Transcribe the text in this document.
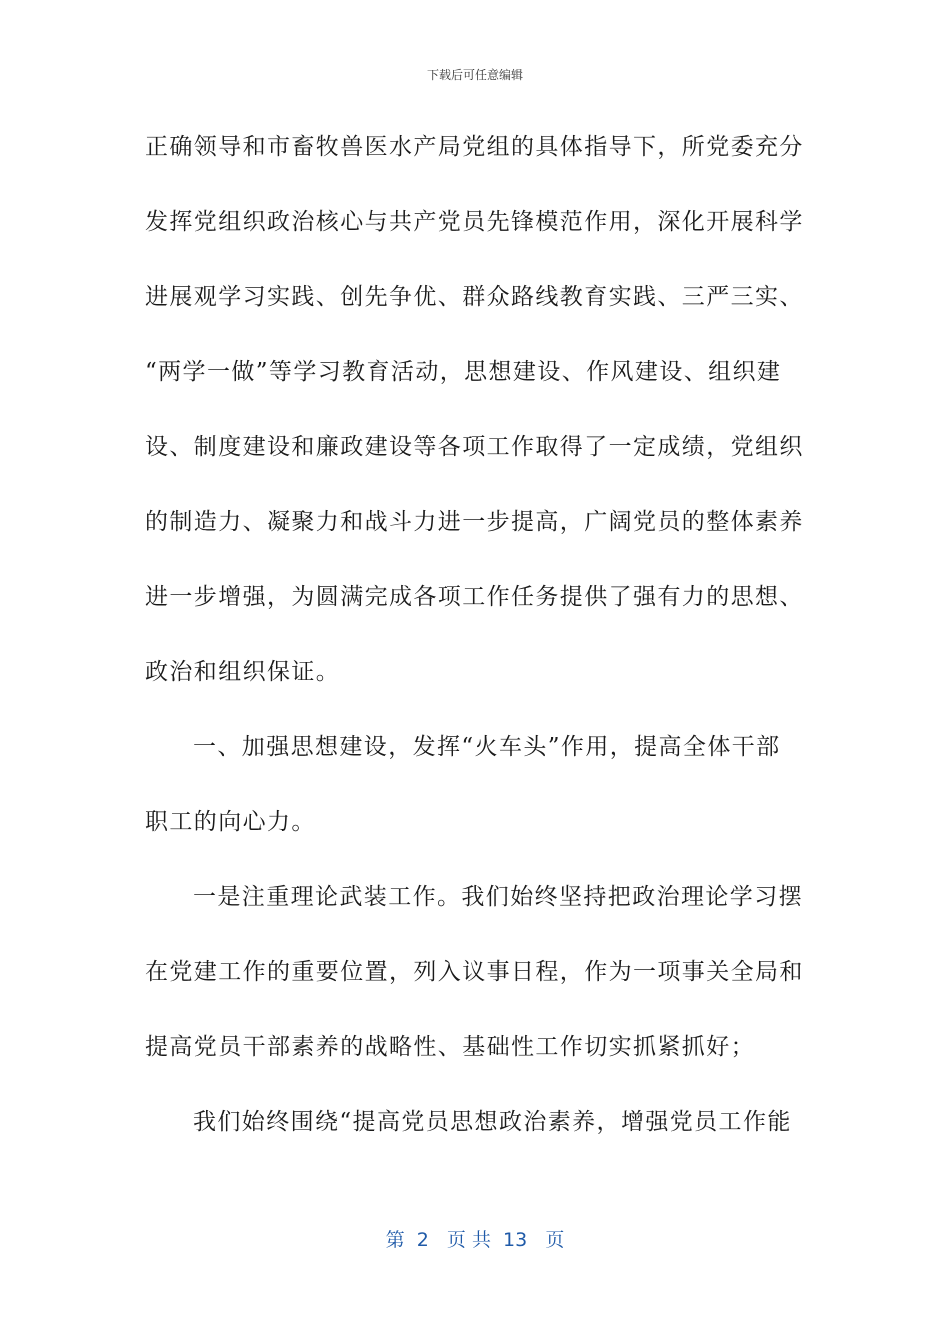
下载后可任意编辑
正确领导和市畜牧兽医水产局党组的具体指导下，所党委充分
发挥党组织政治核心与共产党员先锋模范作用，深化开展科学
进展观学习实践、创先争优、群众路线教育实践、三严三实、
“两学一做”等学习教育活动，思想建设、作风建设、组织建
设、制度建设和廉政建设等各项工作取得了一定成绩，党组织
的制造力、凝聚力和战斗力进一步提高，广阔党员的整体素养
进一步增强，为圆满完成各项工作任务提供了强有力的思想、
政治和组织保证。
一、加强思想建设，发挥“火车头”作用，提高全体干部
职工的向心力。
一是注重理论武装工作。我们始终坚持把政治理论学习摆
在党建工作的重要位置，列入议事日程，作为一项事关全局和
提高党员干部素养的战略性、基础性工作切实抓紧抓好；
我们始终围绕“提高党员思想政治素养，增强党员工作能
第  2   页 共  13   页
